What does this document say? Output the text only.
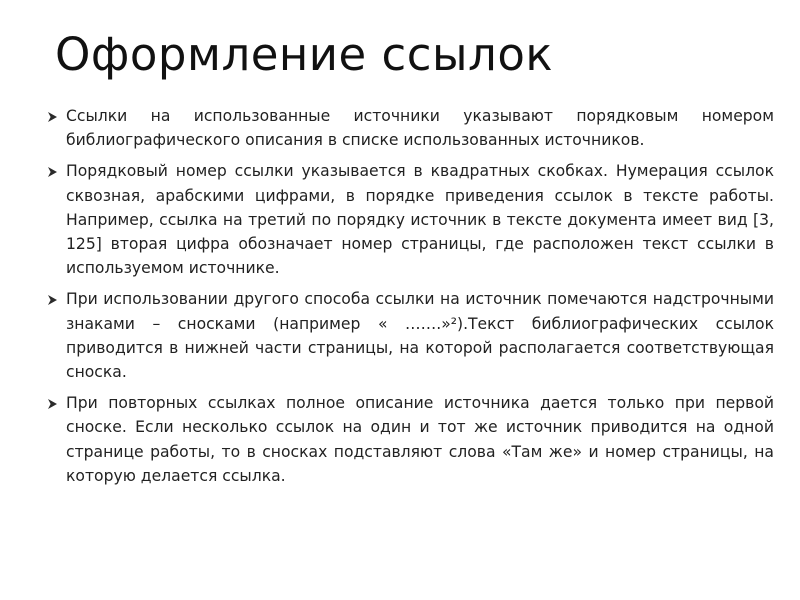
Оформление ссылок
Ссылки на использованные источники указывают порядковым номером библиографического описания в списке использованных источников.
Порядковый номер ссылки указывается в квадратных скобках. Нумерация ссылок сквозная, арабскими цифрами, в порядке приведения ссылок в тексте работы. Например, ссылка на третий по порядку источник в тексте документа имеет вид [3, 125] вторая цифра обозначает номер страницы, где расположен текст ссылки в используемом источнике.
При использовании другого способа ссылки на источник помечаются надстрочными знаками – сносками (например « …….»²).Текст библиографических ссылок приводится в нижней части страницы, на которой располагается соответствующая сноска.
При повторных ссылках полное описание источника дается только при первой сноске. Если несколько ссылок на один и тот же источник приводится на одной странице работы, то в сносках подставляют слова «Там же» и номер страницы, на которую делается ссылка.
